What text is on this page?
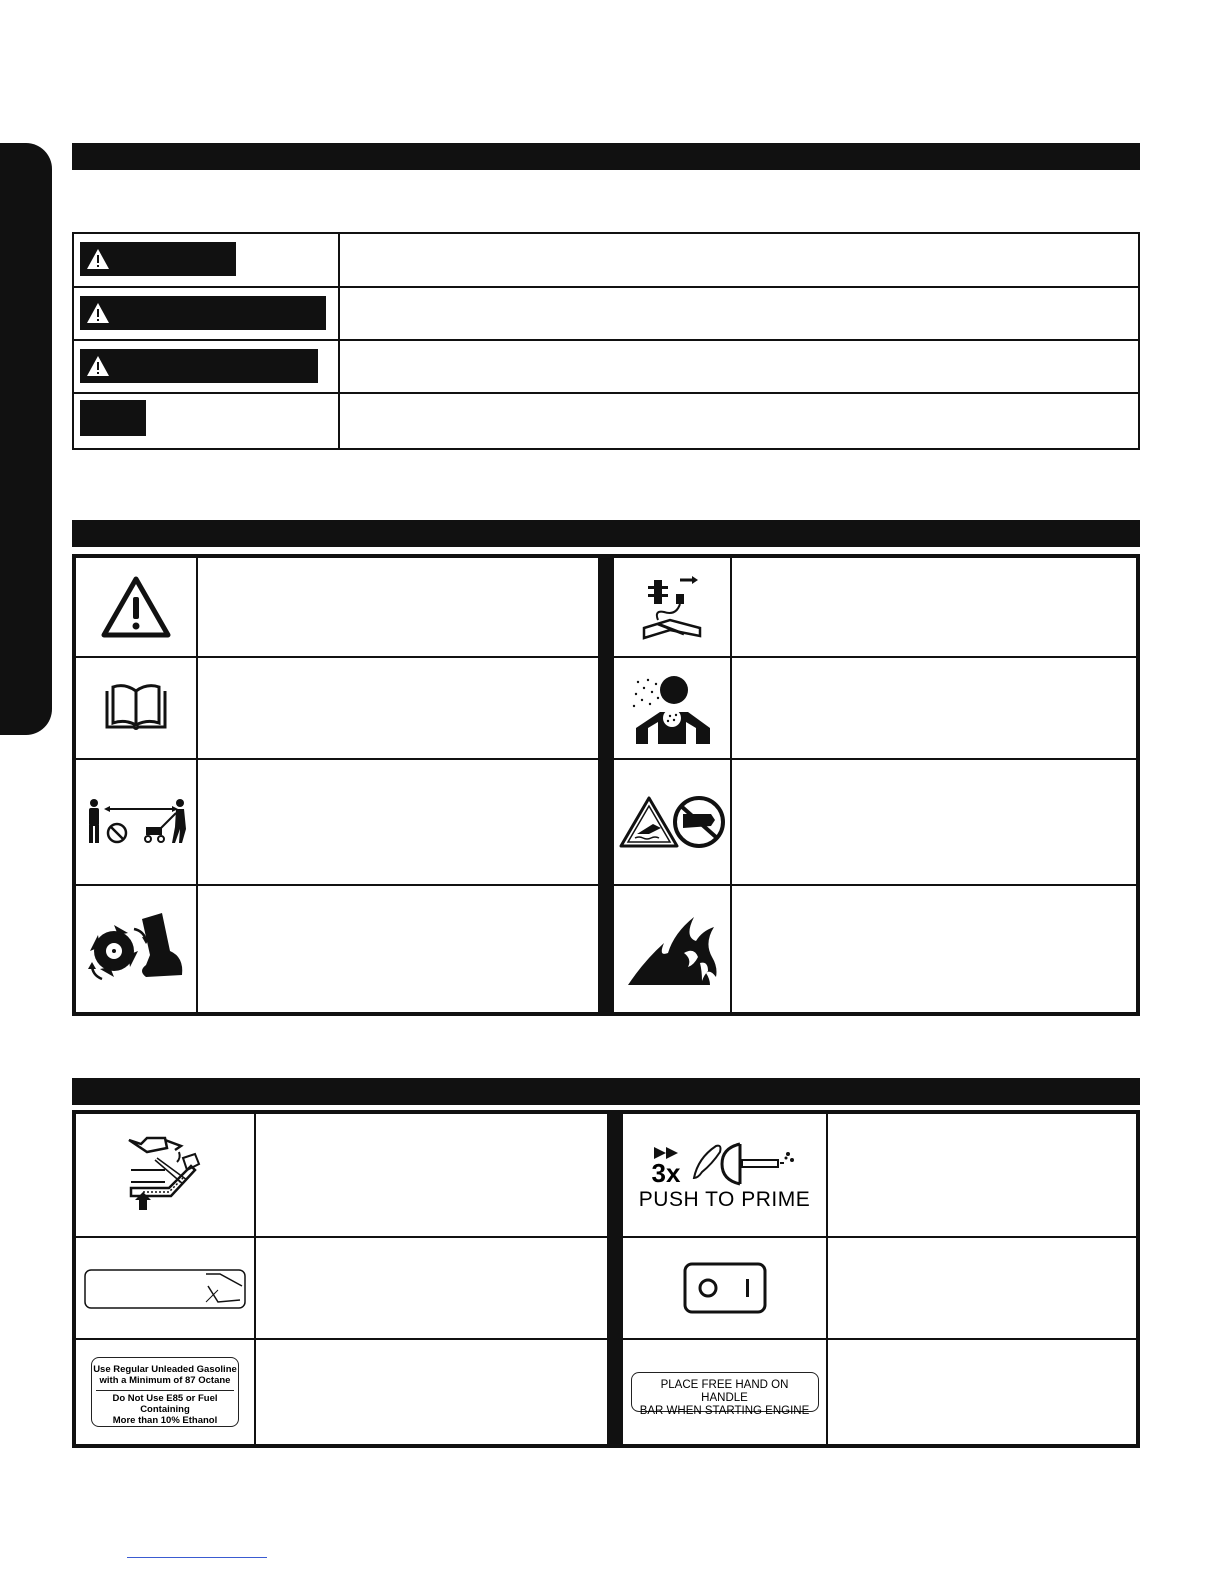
Use Regular Unleaded Gasoline
with a Minimum of 87 Octane
Do Not Use E85 or Fuel Containing
More than 10% Ethanol
3x
PUSH TO PRIME
PLACE FREE HAND ON HANDLE
BAR WHEN STARTING ENGINE
